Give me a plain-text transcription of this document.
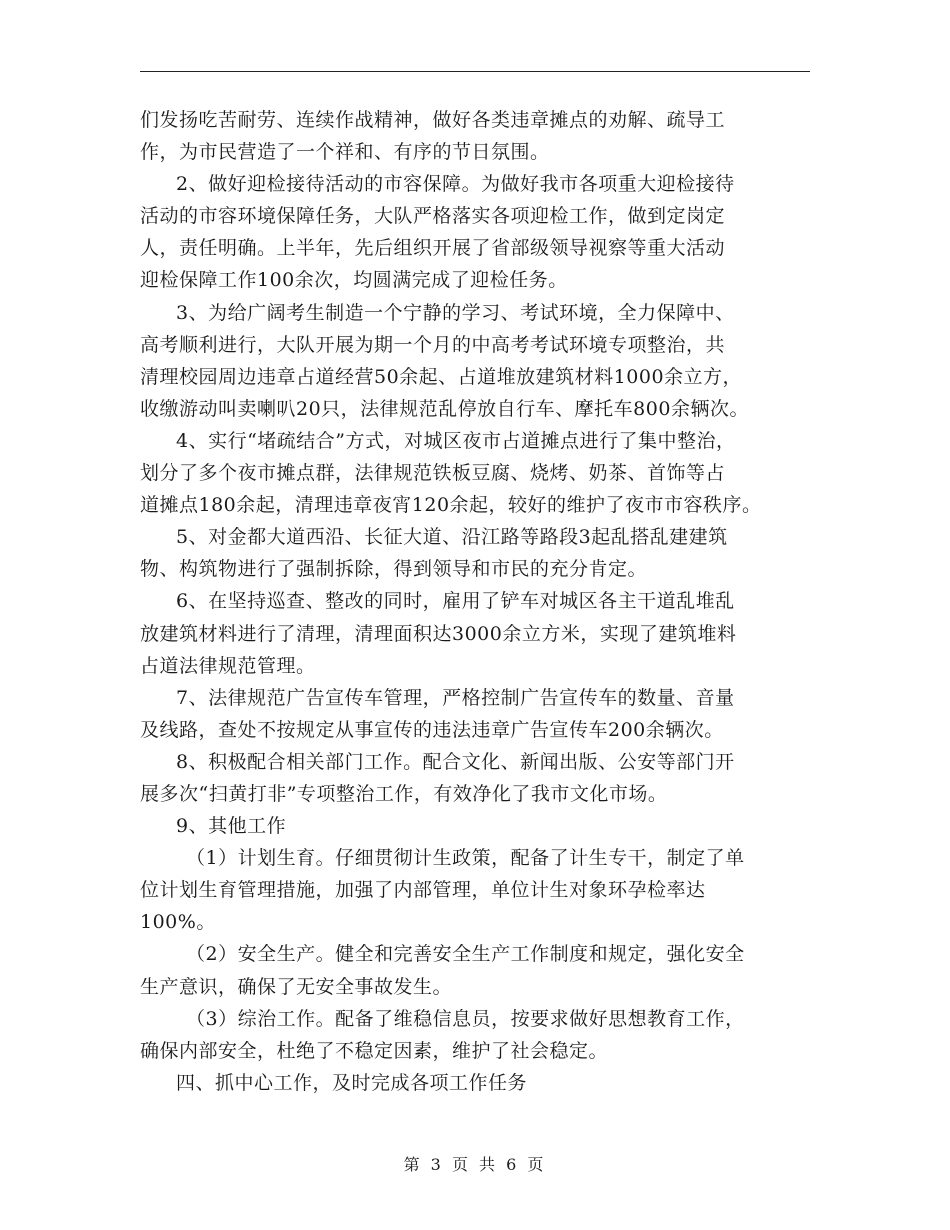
们发扬吃苦耐劳、连续作战精神，做好各类违章摊点的劝解、疏导工
作，为市民营造了一个祥和、有序的节日氛围。
2、做好迎检接待活动的市容保障。为做好我市各项重大迎检接待
活动的市容环境保障任务，大队严格落实各项迎检工作，做到定岗定
人，责任明确。上半年，先后组织开展了省部级领导视察等重大活动
迎检保障工作100余次，均圆满完成了迎检任务。
3、为给广阔考生制造一个宁静的学习、考试环境，全力保障中、
高考顺利进行，大队开展为期一个月的中高考考试环境专项整治，共
清理校园周边违章占道经营50余起、占道堆放建筑材料1000余立方，
收缴游动叫卖喇叭20只，法律规范乱停放自行车、摩托车800余辆次。
4、实行“堵疏结合”方式，对城区夜市占道摊点进行了集中整治，
划分了多个夜市摊点群，法律规范铁板豆腐、烧烤、奶茶、首饰等占
道摊点180余起，清理违章夜宵120余起，较好的维护了夜市市容秩序。
5、对金都大道西沿、长征大道、沿江路等路段3起乱搭乱建建筑
物、构筑物进行了强制拆除，得到领导和市民的充分肯定。
6、在坚持巡查、整改的同时，雇用了铲车对城区各主干道乱堆乱
放建筑材料进行了清理，清理面积达3000余立方米，实现了建筑堆料
占道法律规范管理。
7、法律规范广告宣传车管理，严格控制广告宣传车的数量、音量
及线路，查处不按规定从事宣传的违法违章广告宣传车200余辆次。
8、积极配合相关部门工作。配合文化、新闻出版、公安等部门开
展多次“扫黄打非”专项整治工作，有效净化了我市文化市场。
9、其他工作
（1）计划生育。仔细贯彻计生政策，配备了计生专干，制定了单
位计划生育管理措施，加强了内部管理，单位计生对象环孕检率达
100%。
（2）安全生产。健全和完善安全生产工作制度和规定，强化安全
生产意识，确保了无安全事故发生。
（3）综治工作。配备了维稳信息员，按要求做好思想教育工作，
确保内部安全，杜绝了不稳定因素，维护了社会稳定。
四、抓中心工作，及时完成各项工作任务
第 3 页 共 6 页
